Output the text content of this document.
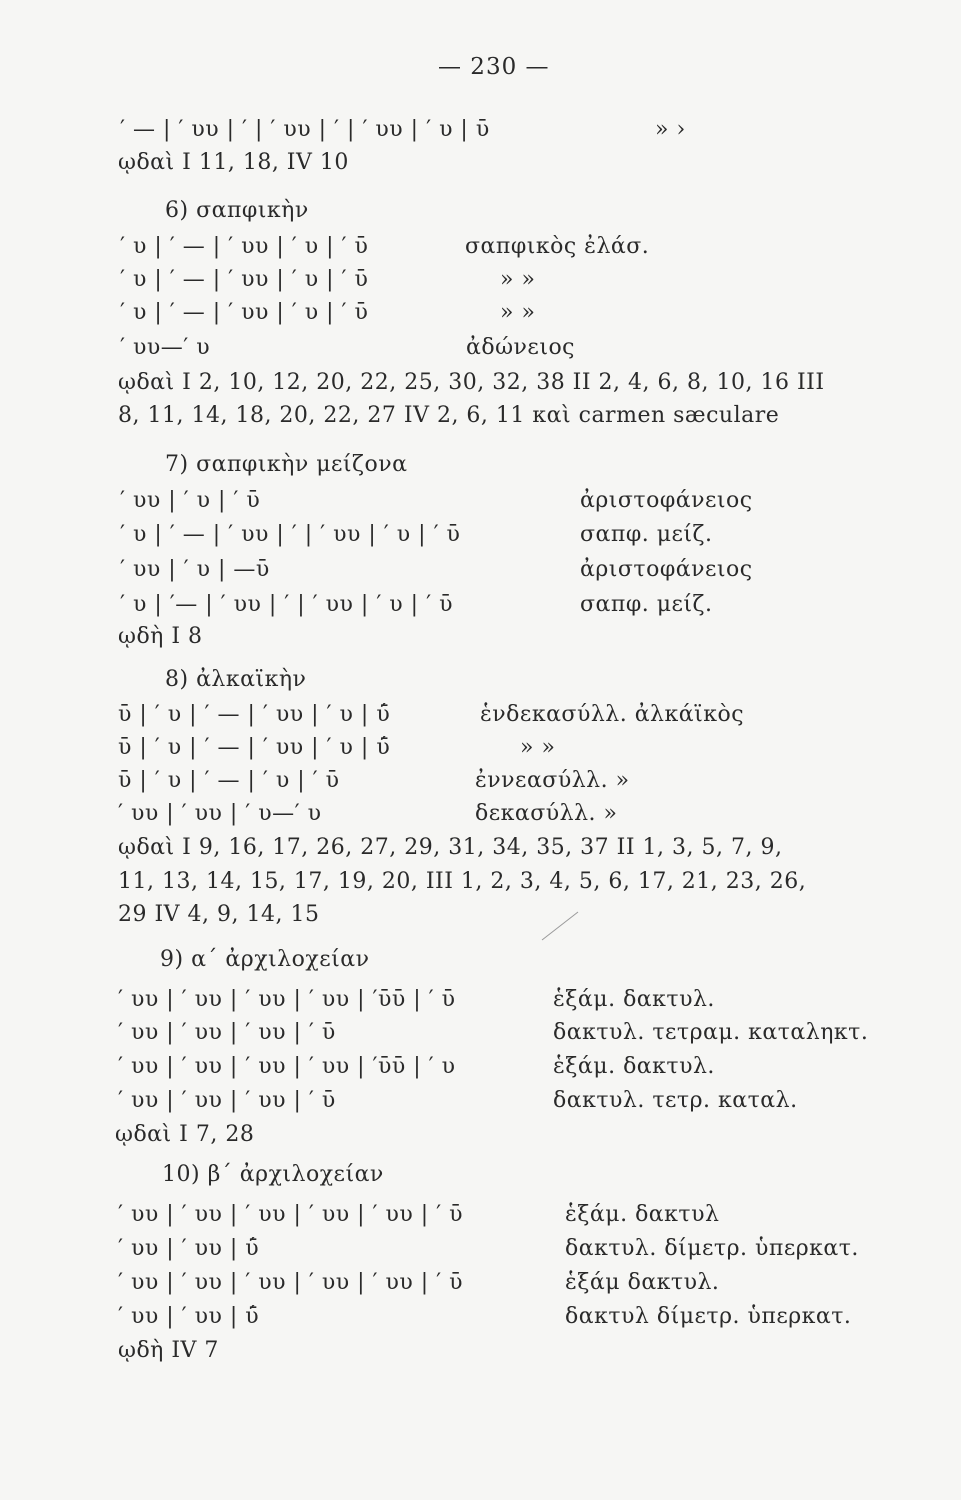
— 230 —
′ — | ′ υυ | ′ | ′ υυ | ′ | ′ υυ | ′ υ | ῡ	» ›
ῳδαὶ Ι 11, 18, IV 10
6) σαπφικὴν
′ υ | ′ — | ′ υυ | ′ υ | ′ ῡ	σαπφικὸς ἐλάσ.
′ υ | ′ — | ′ υυ | ′ υ | ′ ῡ	» »
′ υ | ′ — | ′ υυ | ′ υ | ′ ῡ	» »
′ υυ—′ υ	ἀδώνειος
ῳδαὶ Ι 2, 10, 12, 20, 22, 25, 30, 32, 38 II 2, 4, 6, 8, 10, 16 III
8, 11, 14, 18, 20, 22, 27 IV 2, 6, 11 καὶ carmen sæculare
7) σαπφικὴν μείζονα
′ υυ | ′ υ | ′ ῡ	ἀριστοφάνειος
′ υ | ′ — | ′ υυ | ′ | ′ υυ | ′ υ | ′ ῡ	σαπφ. μείζ.
′ υυ | ′ υ | —ῡ	ἀριστοφάνειος
′ υ | ′— | ′ υυ | ′ | ′ υυ | ′ υ | ′ ῡ	σαπφ. μείζ.
ῳδὴ Ι 8
8) ἀλκαϊκὴν
ῡ | ′ υ | ′ — | ′ υυ | ′ υ | ύ̄	ἑνδεκασύλλ. ἀλκάϊκὸς
ῡ | ′ υ | ′ — | ′ υυ | ′ υ | ύ̄	» »
ῡ | ′ υ | ′ — | ′ υ | ′ ῡ	ἐννεασύλλ. »
′ υυ | ′ υυ | ′ υ—′ υ	δεκασύλλ. »
ῳδαὶ Ι 9, 16, 17, 26, 27, 29, 31, 34, 35, 37 II 1, 3, 5, 7, 9,
11, 13, 14, 15, 17, 19, 20, III 1, 2, 3, 4, 5, 6, 17, 21, 23, 26,
29 IV 4, 9, 14, 15
9) α΄ ἀρχιλοχείαν
′ υυ | ′ υυ | ′ υυ | ′ υυ | ′ῡῡ | ′ ῡ	ἑξάμ. δακτυλ.
′ υυ | ′ υυ | ′ υυ | ′ ῡ	δακτυλ. τετραμ. καταληκτ.
′ υυ | ′ υυ | ′ υυ | ′ υυ | ′ῡῡ | ′ υ	ἑξάμ. δακτυλ.
′ υυ | ′ υυ | ′ υυ | ′ ῡ	δακτυλ. τετρ. καταλ.
ῳδαὶ Ι 7, 28
10) β΄ ἀρχιλοχείαν
′ υυ | ′ υυ | ′ υυ | ′ υυ | ′ υυ | ′ ῡ	ἑξάμ. δακτυλ
′ υυ | ′ υυ | ύ̄	δακτυλ. δίμετρ. ὑπερκατ.
′ υυ | ′ υυ | ′ υυ | ′ υυ | ′ υυ | ′ ῡ	ἑξάμ δακτυλ.
′ υυ | ′ υυ | ύ̄	δακτυλ δίμετρ. ὑπερκατ.
ῳδὴ IV 7
